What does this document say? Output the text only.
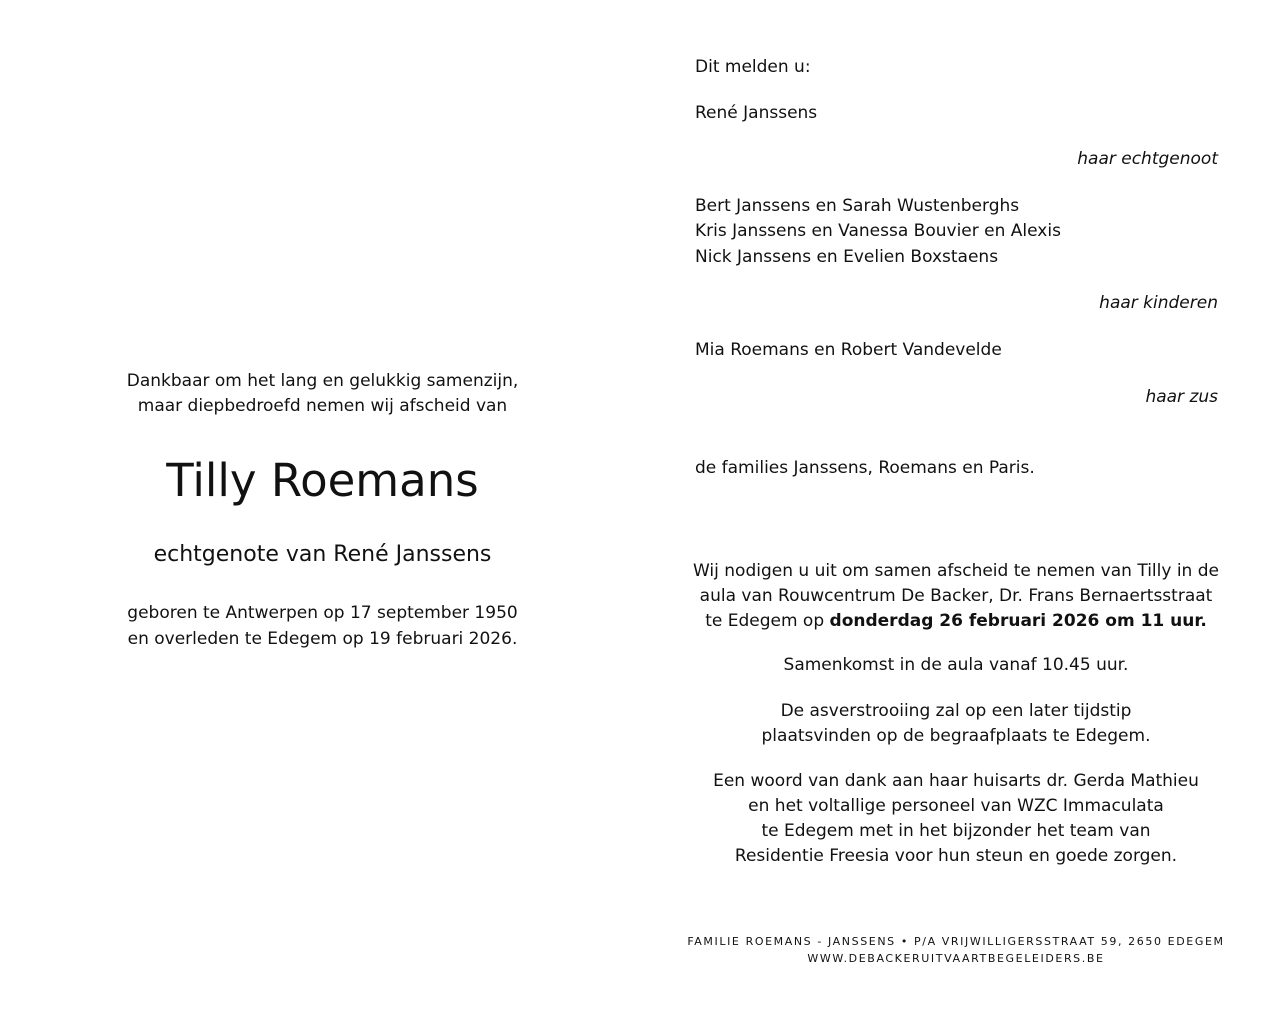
Dankbaar om het lang en gelukkig samenzijn,
maar diepbedroefd nemen wij afscheid van
Tilly Roemans
echtgenote van René Janssens
geboren te Antwerpen op 17 september 1950
en overleden te Edegem op 19 februari 2026.
Dit melden u:
René Janssens
haar echtgenoot
Bert Janssens en Sarah Wustenberghs
Kris Janssens en Vanessa Bouvier en Alexis
Nick Janssens en Evelien Boxstaens
haar kinderen
Mia Roemans en Robert Vandevelde
haar zus
de families Janssens, Roemans en Paris.

Wij nodigen u uit om samen afscheid te nemen van Tilly in de

aula van Rouwcentrum De Backer, Dr. Frans Bernaertsstraat

te Edegem op donderdag 26 februari 2026 om 11 uur.

Samenkomst in de aula vanaf 10.45 uur.

De asverstrooiing zal op een later tijdstip

plaatsvinden op de begraafplaats te Edegem.

Een woord van dank aan haar huisarts dr. Gerda Mathieu

en het voltallige personeel van WZC Immaculata

te Edegem met in het bijzonder het team van

Residentie Freesia voor hun steun en goede zorgen.

FAMILIE ROEMANS - JANSSENS • P/A VRIJWILLIGERSSTRAAT 59, 2650 EDEGEM
WWW.DEBACKERUITVAARTBEGELEIDERS.BE
